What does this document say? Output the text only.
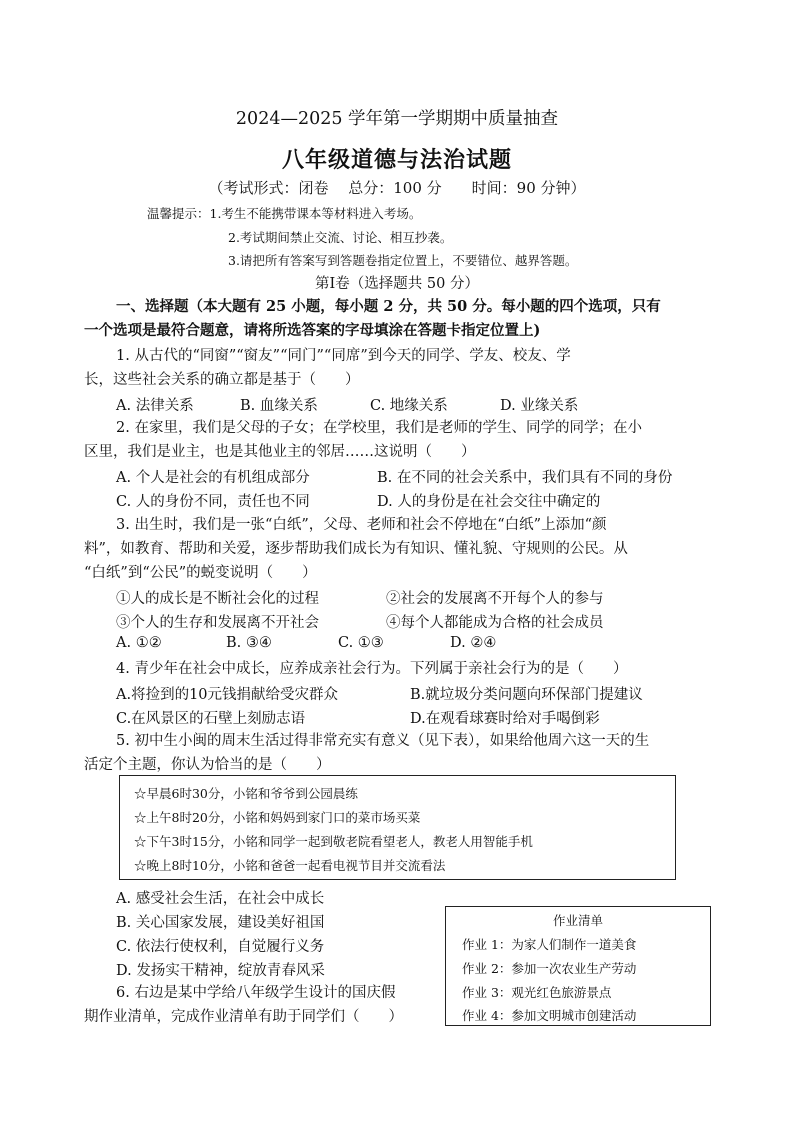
2024—2025 学年第一学期期中质量抽查
八年级道德与法治试题
（考试形式：闭卷　 总分：100 分　　时间：90 分钟）
温馨提示：1.考生不能携带课本等材料进入考场。
2.考试期间禁止交流、讨论、相互抄袭。
3.请把所有答案写到答题卷指定位置上，不要错位、越界答题。
第Ⅰ卷（选择题共 50 分）
一、选择题（本大题有 25 小题，每小题 2 分，共 50 分。每小题的四个选项，只有
一个选项是最符合题意，请将所选答案的字母填涂在答题卡指定位置上)
1. 从古代的“同窗”“窗友”“同门”“同席”到今天的同学、学友、校友、学
长，这些社会关系的确立都是基于（　　）
A. 法律关系	B. 血缘关系	C. 地缘关系	D. 业缘关系
2. 在家里，我们是父母的子女；在学校里，我们是老师的学生、同学的同学；在小
区里，我们是业主，也是其他业主的邻居……这说明（　　）
A. 个人是社会的有机组成部分	B. 在不同的社会关系中，我们具有不同的身份
C. 人的身份不同，责任也不同	D. 人的身份是在社会交往中确定的
3. 出生时，我们是一张“白纸”，父母、老师和社会不停地在“白纸”上添加“颜
料”，如教育、帮助和关爱，逐步帮助我们成长为有知识、懂礼貌、守规则的公民。从
“白纸”到“公民”的蜕变说明（　　）
①人的成长是不断社会化的过程	②社会的发展离不开每个人的参与
③个人的生存和发展离不开社会	④每个人都能成为合格的社会成员
A. ①②	B. ③④	C. ①③	D. ②④
4. 青少年在社会中成长，应养成亲社会行为。下列属于亲社会行为的是（　　）
A.将捡到的10元钱捐献给受灾群众	B.就垃圾分类问题向环保部门提建议
C.在风景区的石壁上刻励志语	D.在观看球赛时给对手喝倒彩
5. 初中生小闽的周末生活过得非常充实有意义（见下表），如果给他周六这一天的生
活定个主题，你认为恰当的是（　　）
☆早晨6时30分，小铭和爷爷到公园晨练
☆上午8时20分，小铭和妈妈到家门口的菜市场买菜
☆下午3时15分，小铭和同学一起到敬老院看望老人，教老人用智能手机
☆晚上8时10分，小铭和爸爸一起看电视节目并交流看法
A. 感受社会生活，在社会中成长
B. 关心国家发展，建设美好祖国
C. 依法行使权利，自觉履行义务
D. 发扬实干精神，绽放青春风采
6. 右边是某中学给八年级学生设计的国庆假
期作业清单，完成作业清单有助于同学们（　　）
作业清单
作业 1：为家人们制作一道美食
作业 2：参加一次农业生产劳动
作业 3：观光红色旅游景点
作业 4：参加文明城市创建活动
